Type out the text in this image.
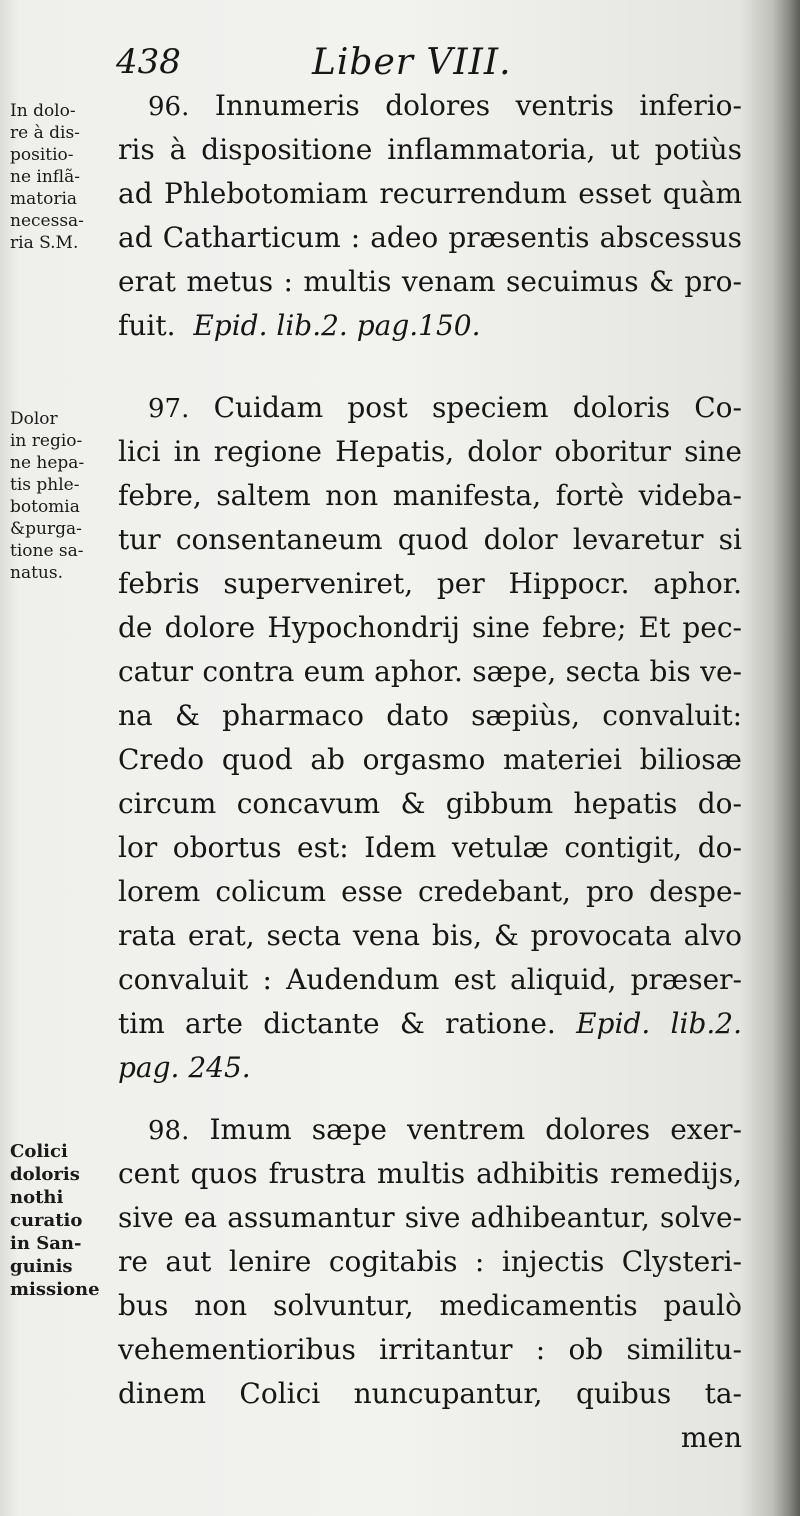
438	Liber VIII.
In dolo-
re à dis-
positio-
ne inflã-
matoria
necessa-
ria S.M.
96. Innumeris dolores ventris inferio-
ris à dispositione inflammatoria, ut potiùs
ad Phlebotomiam recurrendum esset quàm
ad Catharticum : adeo præsentis abscessus
erat metus : multis venam secuimus & pro-
fuit. Epid. lib.2. pag.150.
Dolor
in regio-
ne hepa-
tis phle-
botomia
&purga-
tione sa-
natus.
97. Cuidam post speciem doloris Co-
lici in regione Hepatis, dolor oboritur sine
febre, saltem non manifesta, fortè videba-
tur consentaneum quod dolor levaretur si
febris superveniret, per Hippocr. aphor.
de dolore Hypochondrij sine febre; Et pec-
catur contra eum aphor. sæpe, secta bis ve-
na & pharmaco dato sæpiùs, convaluit:
Credo quod ab orgasmo materiei biliosæ
circum concavum & gibbum hepatis do-
lor obortus est: Idem vetulæ contigit, do-
lorem colicum esse credebant, pro despe-
rata erat, secta vena bis, & provocata alvo
convaluit : Audendum est aliquid, præser-
tim arte dictante & ratione. Epid. lib.2.
pag. 245.
Colici
doloris
nothi
curatio
in San-
guinis
missione
98. Imum sæpe ventrem dolores exer-
cent quos frustra multis adhibitis remedijs,
sive ea assumantur sive adhibeantur, solve-
re aut lenire cogitabis : injectis Clysteri-
bus non solvuntur, medicamentis paulò
vehementioribus irritantur : ob similitu-
dinem Colici nuncupantur, quibus ta-
men
